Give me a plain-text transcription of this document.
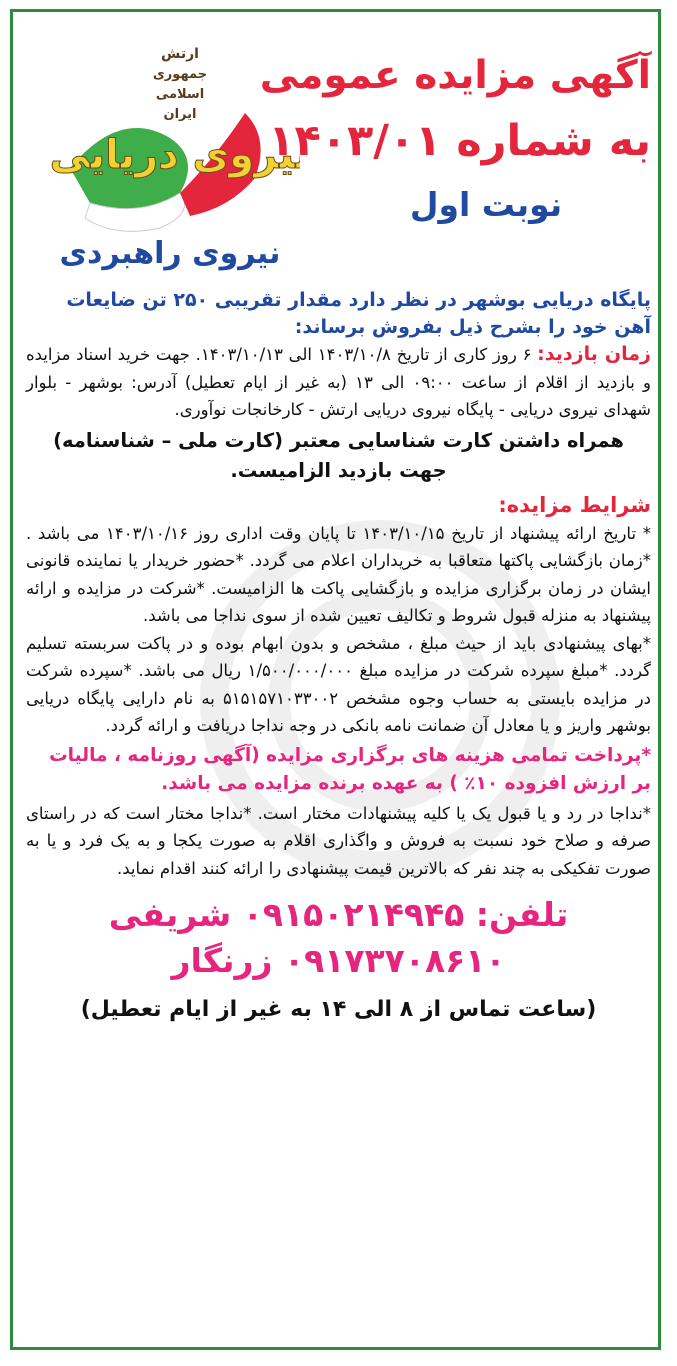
آگهی مزایده عمومی
به شماره ۱۴۰۳/۰۱
نوبت اول
ارتش
جمهوری
اسلامی
ایران
نیروی دریایی
نیروی راهبردی
پایگاه دریایی بوشهر در نظر دارد مقدار تقریبی ۲۵۰ تن ضایعات آهن خود را بشرح ذیل بفروش برساند:

زمان بازدید: ۶ روز کاری از تاریخ ۱۴۰۳/۱۰/۸ الی ۱۴۰۳/۱۰/۱۳. جهت خرید اسناد مزایده و بازدید از اقلام از ساعت ۰۹:۰۰ الی ۱۳ (به غیر از ایام تعطیل) آدرس: بوشهر - بلوار شهدای نیروی دریایی - پایگاه نیروی دریایی ارتش - کارخانجات نوآوری.

همراه داشتن کارت شناسایی معتبر (کارت ملی – شناسنامه) جهت بازدید الزامیست.
شرایط مزایده:

* تاریخ ارائه پیشنهاد از تاریخ ۱۴۰۳/۱۰/۱۵ تا پایان وقت اداری روز ۱۴۰۳/۱۰/۱۶ می باشد . *زمان بازگشایی پاکتها متعاقبا به خریداران اعلام می گردد. *حضور خریدار یا نماینده قانونی ایشان در زمان برگزاری مزایده و بازگشایی پاکت ها الزامیست. *شرکت در مزایده و ارائه پیشنهاد به منزله قبول شروط و تکالیف تعیین شده از سوی نداجا می باشد.

*بهای پیشنهادی باید از حیث مبلغ ، مشخص و بدون ابهام بوده و در پاکت سربسته تسلیم گردد. *مبلغ سپرده شرکت در مزایده مبلغ ۱/۵۰۰/۰۰۰/۰۰۰ ریال می باشد. *سپرده شرکت در مزایده بایستی به حساب وجوه مشخص ۵۱۵۱۵۷۱۰۳۳۰۰۲ به نام دارایی پایگاه دریایی بوشهر واریز و یا معادل آن ضمانت نامه بانکی در وجه نداجا دریافت و ارائه گردد.

*پرداخت تمامی هزینه های برگزاری مزایده (آگهی روزنامه ، مالیات بر ارزش افزوده ۱۰٪ ) به عهده برنده مزایده می باشد.

*نداجا در رد و یا قبول یک یا کلیه پیشنهادات مختار است. *نداجا مختار است که در راستای صرفه و صلاح خود نسبت به فروش و واگذاری اقلام به صورت یکجا و به یک فرد و یا به صورت تفکیکی به چند نفر که بالاترین قیمت پیشنهادی را ارائه کنند اقدام نماید.

تلفن: ۰۹۱۵۰۲۱۴۹۴۵ شریفی
۰۹۱۷۳۷۰۸۶۱۰ زرنگار
(ساعت تماس از ۸ الی ۱۴ به غیر از ایام تعطیل)
